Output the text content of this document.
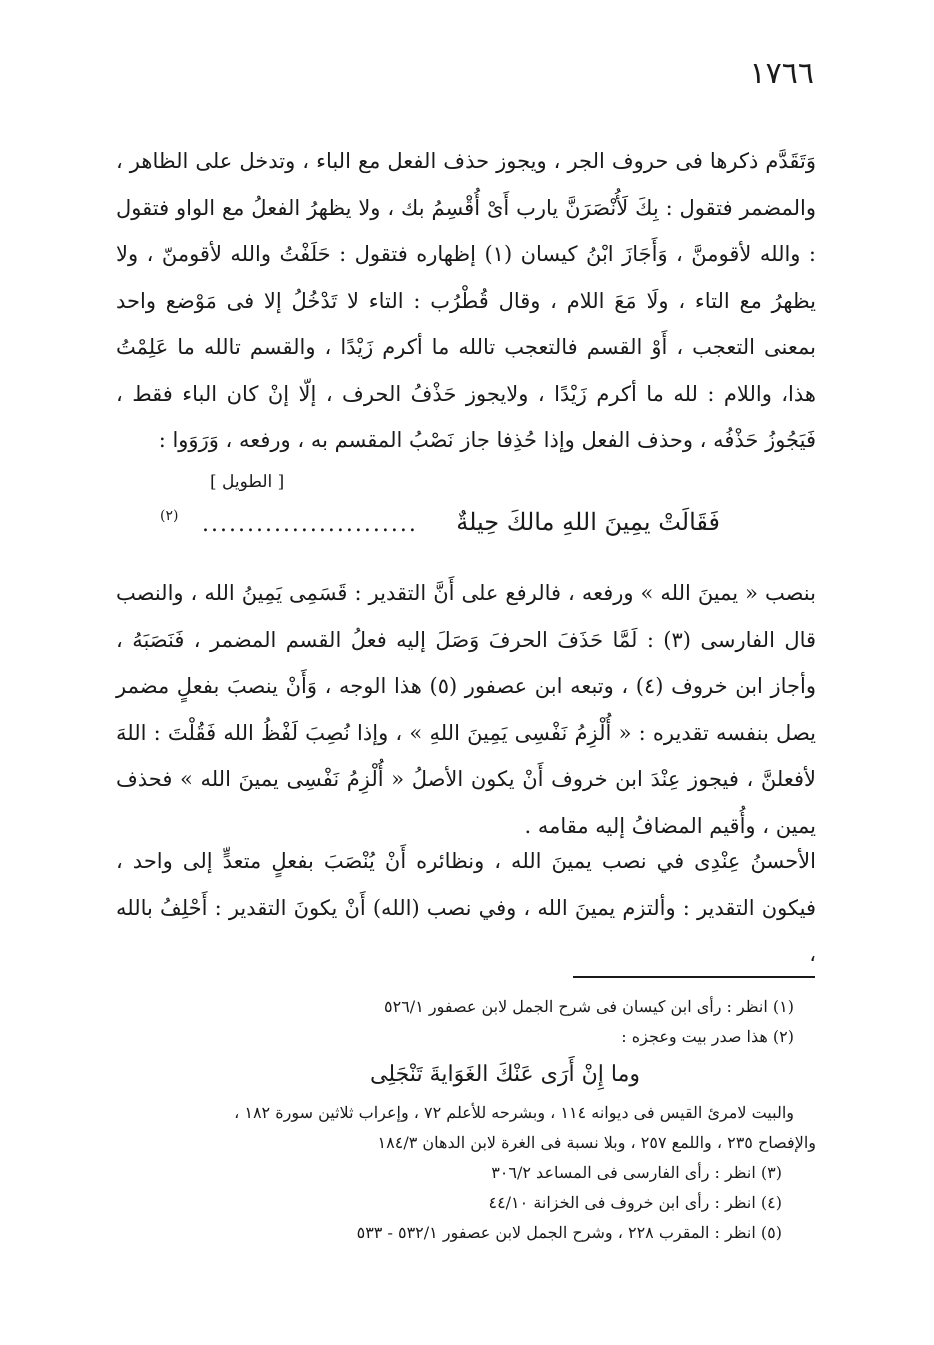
١٧٦٦

وَتَقَدَّم ذكرها فى حروف الجر ، ويجوز حذف الفعل مع الباء ، وتدخل على الظاهر ، والمضمر فتقول : بِكَ لَأُنْصَرَنَّ يارب أَىْ أُقْسِمُ بك ، ولا يظهرُ الفعلُ مع الواو فتقول : والله لأقومنَّ ، وَأَجَازَ ابْنُ كيسان (١) إظهاره فتقول : حَلَفْتُ والله لأقومنّ ، ولا يظهرُ مع التاء ، ولَا مَعَ اللام ، وقال قُطْرُب : التاء لا تَدْخُلُ إلا فى مَوْضع واحد بمعنى التعجب ، أَوْ القسم فالتعجب تالله ما أكرم زَيْدًا ، والقسم تالله ما عَلِمْتُ هذا، واللام : لله ما أكرم زَيْدًا ، ولايجوز حَذْفُ الحرف ، إلّا إنْ كان الباء فقط ، فَيَجُوزُ حَذْفُه ، وحذف الفعل وإذا حُذِفا جاز نَصْبُ المقسم به ، ورفعه ، وَرَوَوا :

[ الطويل ]
فَقَالَتْ يمِينَ اللهِ مالكَ حِيلةٌ
........................
(٢)

بنصب « يمينَ الله » ورفعه ، فالرفع على أَنَّ التقدير : قَسَمِى يَمِينُ الله ، والنصب قال الفارسى (٣) : لَمَّا حَذَفَ الحرفَ وَصَلَ إليه فعلُ القسم المضمر ، فَنَصَبَهُ ، وأجاز ابن خروف (٤) ، وتبعه ابن عصفور (٥) هذا الوجه ، وَأَنْ ينصبَ بفعلٍ مضمر يصل بنفسه تقديره : « أُلْزِمُ نَفْسِى يَمِينَ اللهِ » ، وإذا نُصِبَ لَفْظُ الله فَقُلْتَ : اللهَ لأفعلنَّ ، فيجوز عِنْدَ ابن خروف أَنْ يكون الأصلُ « أُلْزِمُ نَفْسِى يمينَ الله » فحذف يمين ، وأُقيم المضافُ إليه مقامه .

الأحسنُ عِنْدِى في نصب يمينَ الله ، ونظائره أَنْ يُنْصَبَ بفعلٍ متعدٍّ إلى واحد ، فيكون التقدير : وألتزم يمينَ الله ، وفي نصب (الله) أَنْ يكونَ التقدير : أَحْلِفُ بالله ،

(١) انظر : رأى ابن كيسان فى شرح الجمل لابن عصفور ٥٢٦/١

(٢) هذا صدر بيت وعجزه :

وما إِنْ أَرَى عَنْكَ الغَوَايةَ تَنْجَلِى

والبيت لامرئ القيس فى ديوانه ١١٤ ، وبشرحه للأعلم ٧٢ ، وإعراب ثلاثين سورة ١٨٢ ،

والإفصاح ٢٣٥ ، واللمع ٢٥٧ ، وبلا نسبة فى الغرة لابن الدهان ١٨٤/٣

(٣) انظر : رأى الفارسى فى المساعد ٣٠٦/٢

(٤) انظر : رأى ابن خروف فى الخزانة ٤٤/١٠

(٥) انظر : المقرب ٢٢٨ ، وشرح الجمل لابن عصفور ٥٣٢/١ - ٥٣٣
